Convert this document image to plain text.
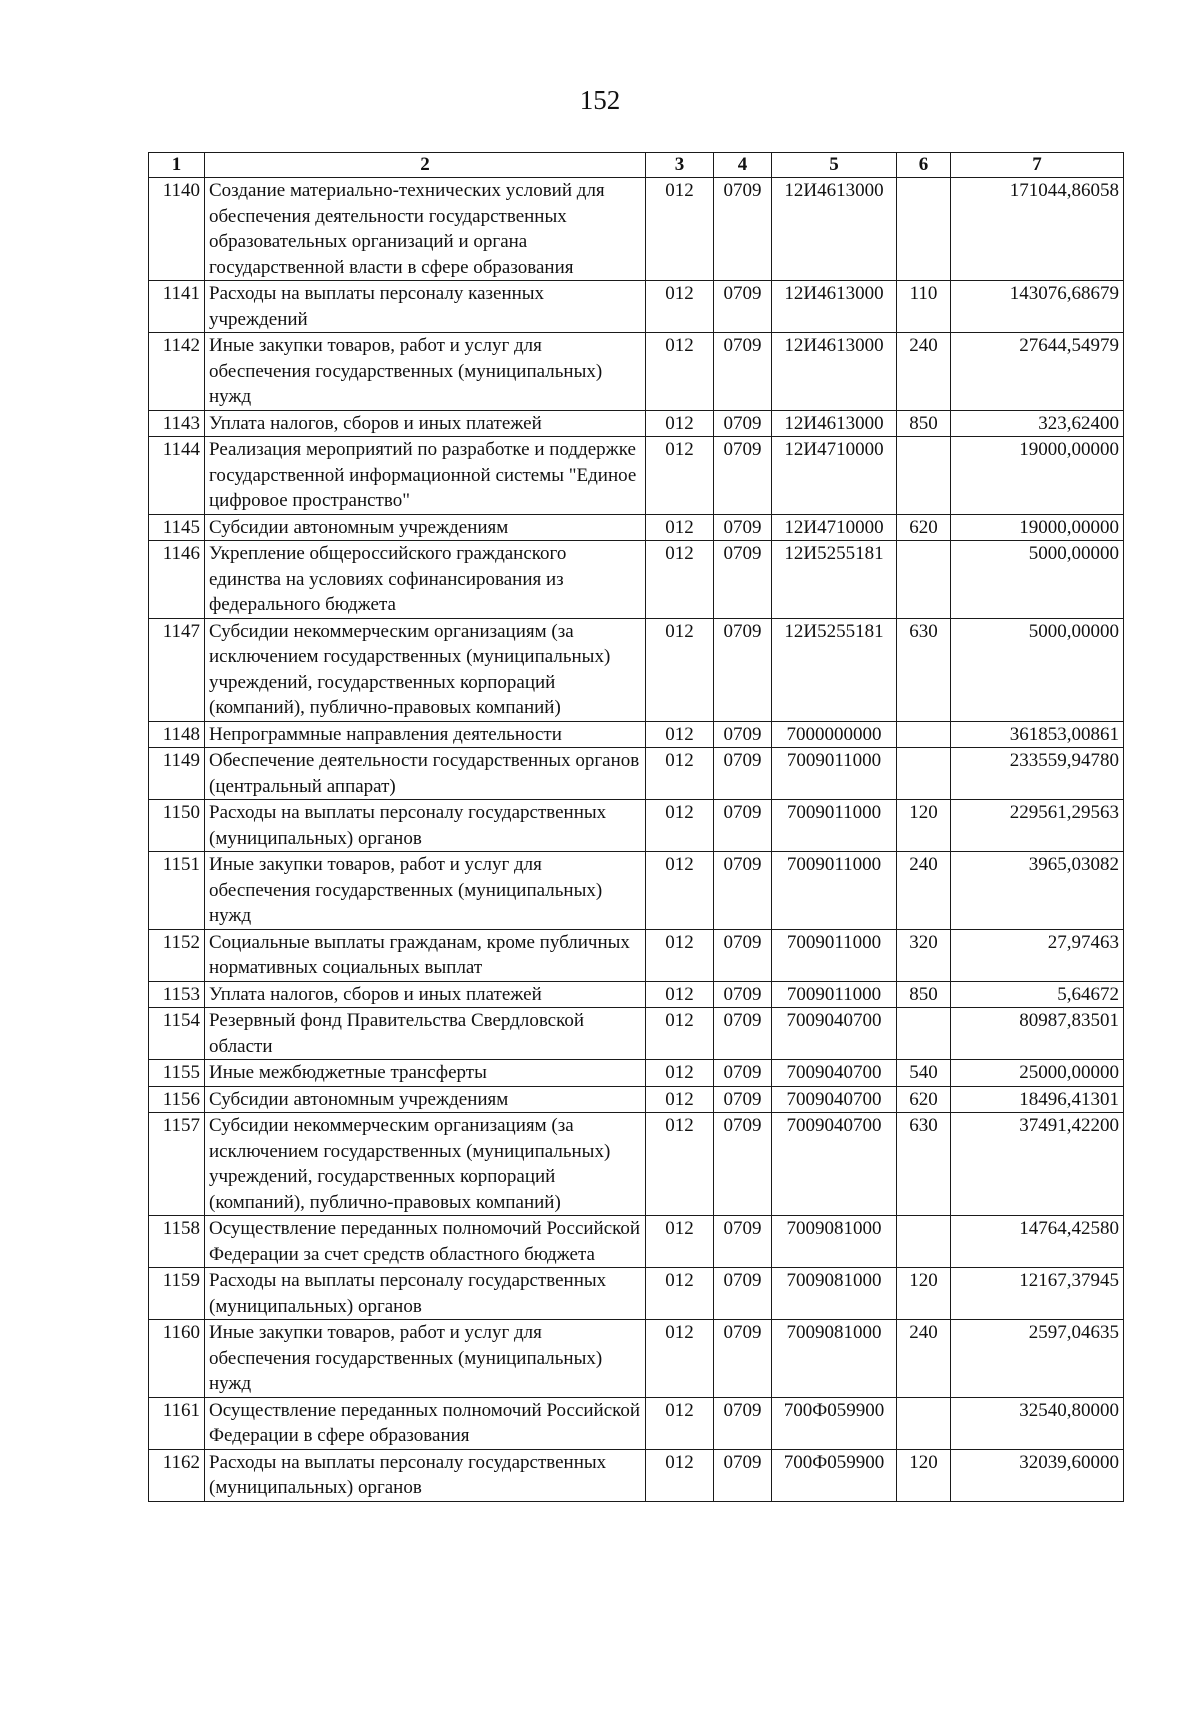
152
1	2	3	4	5	6	7
1140	Создание материально-технических условий для обеспечения деятельности государственных образовательных организаций и органа государственной власти в сфере образования	012	0709	12И4613000		171044,86058
1141	Расходы на выплаты персоналу казенных учреждений	012	0709	12И4613000	110	143076,68679
1142	Иные закупки товаров, работ и услуг для обеспечения государственных (муниципальных) нужд	012	0709	12И4613000	240	27644,54979
1143	Уплата налогов, сборов и иных платежей	012	0709	12И4613000	850	323,62400
1144	Реализация мероприятий по разработке и поддержке государственной информационной системы "Единое цифровое пространство"	012	0709	12И4710000		19000,00000
1145	Субсидии автономным учреждениям	012	0709	12И4710000	620	19000,00000
1146	Укрепление общероссийского гражданского единства на условиях софинансирования из федерального бюджета	012	0709	12И5255181		5000,00000
1147	Субсидии некоммерческим организациям (за исключением государственных (муниципальных) учреждений, государственных корпораций (компаний), публично-правовых компаний)	012	0709	12И5255181	630	5000,00000
1148	Непрограммные направления деятельности	012	0709	7000000000		361853,00861
1149	Обеспечение деятельности государственных органов (центральный аппарат)	012	0709	7009011000		233559,94780
1150	Расходы на выплаты персоналу государственных (муниципальных) органов	012	0709	7009011000	120	229561,29563
1151	Иные закупки товаров, работ и услуг для обеспечения государственных (муниципальных) нужд	012	0709	7009011000	240	3965,03082
1152	Социальные выплаты гражданам, кроме публичных нормативных социальных выплат	012	0709	7009011000	320	27,97463
1153	Уплата налогов, сборов и иных платежей	012	0709	7009011000	850	5,64672
1154	Резервный фонд Правительства Свердловской области	012	0709	7009040700		80987,83501
1155	Иные межбюджетные трансферты	012	0709	7009040700	540	25000,00000
1156	Субсидии автономным учреждениям	012	0709	7009040700	620	18496,41301
1157	Субсидии некоммерческим организациям (за исключением государственных (муниципальных) учреждений, государственных корпораций (компаний), публично-правовых компаний)	012	0709	7009040700	630	37491,42200
1158	Осуществление переданных полномочий Российской Федерации за счет средств областного бюджета	012	0709	7009081000		14764,42580
1159	Расходы на выплаты персоналу государственных (муниципальных) органов	012	0709	7009081000	120	12167,37945
1160	Иные закупки товаров, работ и услуг для обеспечения государственных (муниципальных) нужд	012	0709	7009081000	240	2597,04635
1161	Осуществление переданных полномочий Российской Федерации в сфере образования	012	0709	700Ф059900		32540,80000
1162	Расходы на выплаты персоналу государственных (муниципальных) органов	012	0709	700Ф059900	120	32039,60000
